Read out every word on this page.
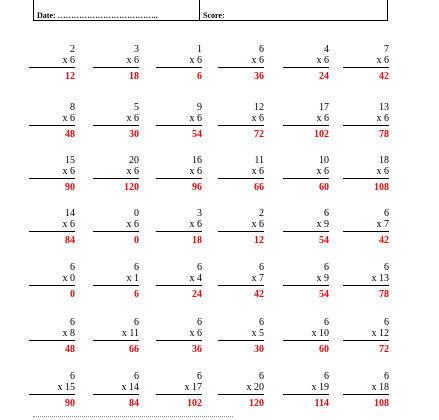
Date: ………………………………..	Score:
2
x 6
12
3
x 6
18
1
x 6
6
6
x 6
36
4
x 6
24
7
x 6
42
8
x 6
48
5
x 6
30
9
x 6
54
12
x 6
72
17
x 6
102
13
x 6
78
15
x 6
90
20
x 6
120
16
x 6
96
11
x 6
66
10
x 6
60
18
x 6
108
14
x 6
84
0
x 6
0
3
x 6
18
2
x 6
12
6
x 9
54
6
x 7
42
6
x 0
0
6
x 1
6
6
x 4
24
6
x 7
42
6
x 9
54
6
x 13
78
6
x 8
48
6
x 11
66
6
x 6
36
6
x 5
30
6
x 10
60
6
x 12
72
6
x 15
90
6
x 14
84
6
x 17
102
6
x 20
120
6
x 19
114
6
x 18
108
